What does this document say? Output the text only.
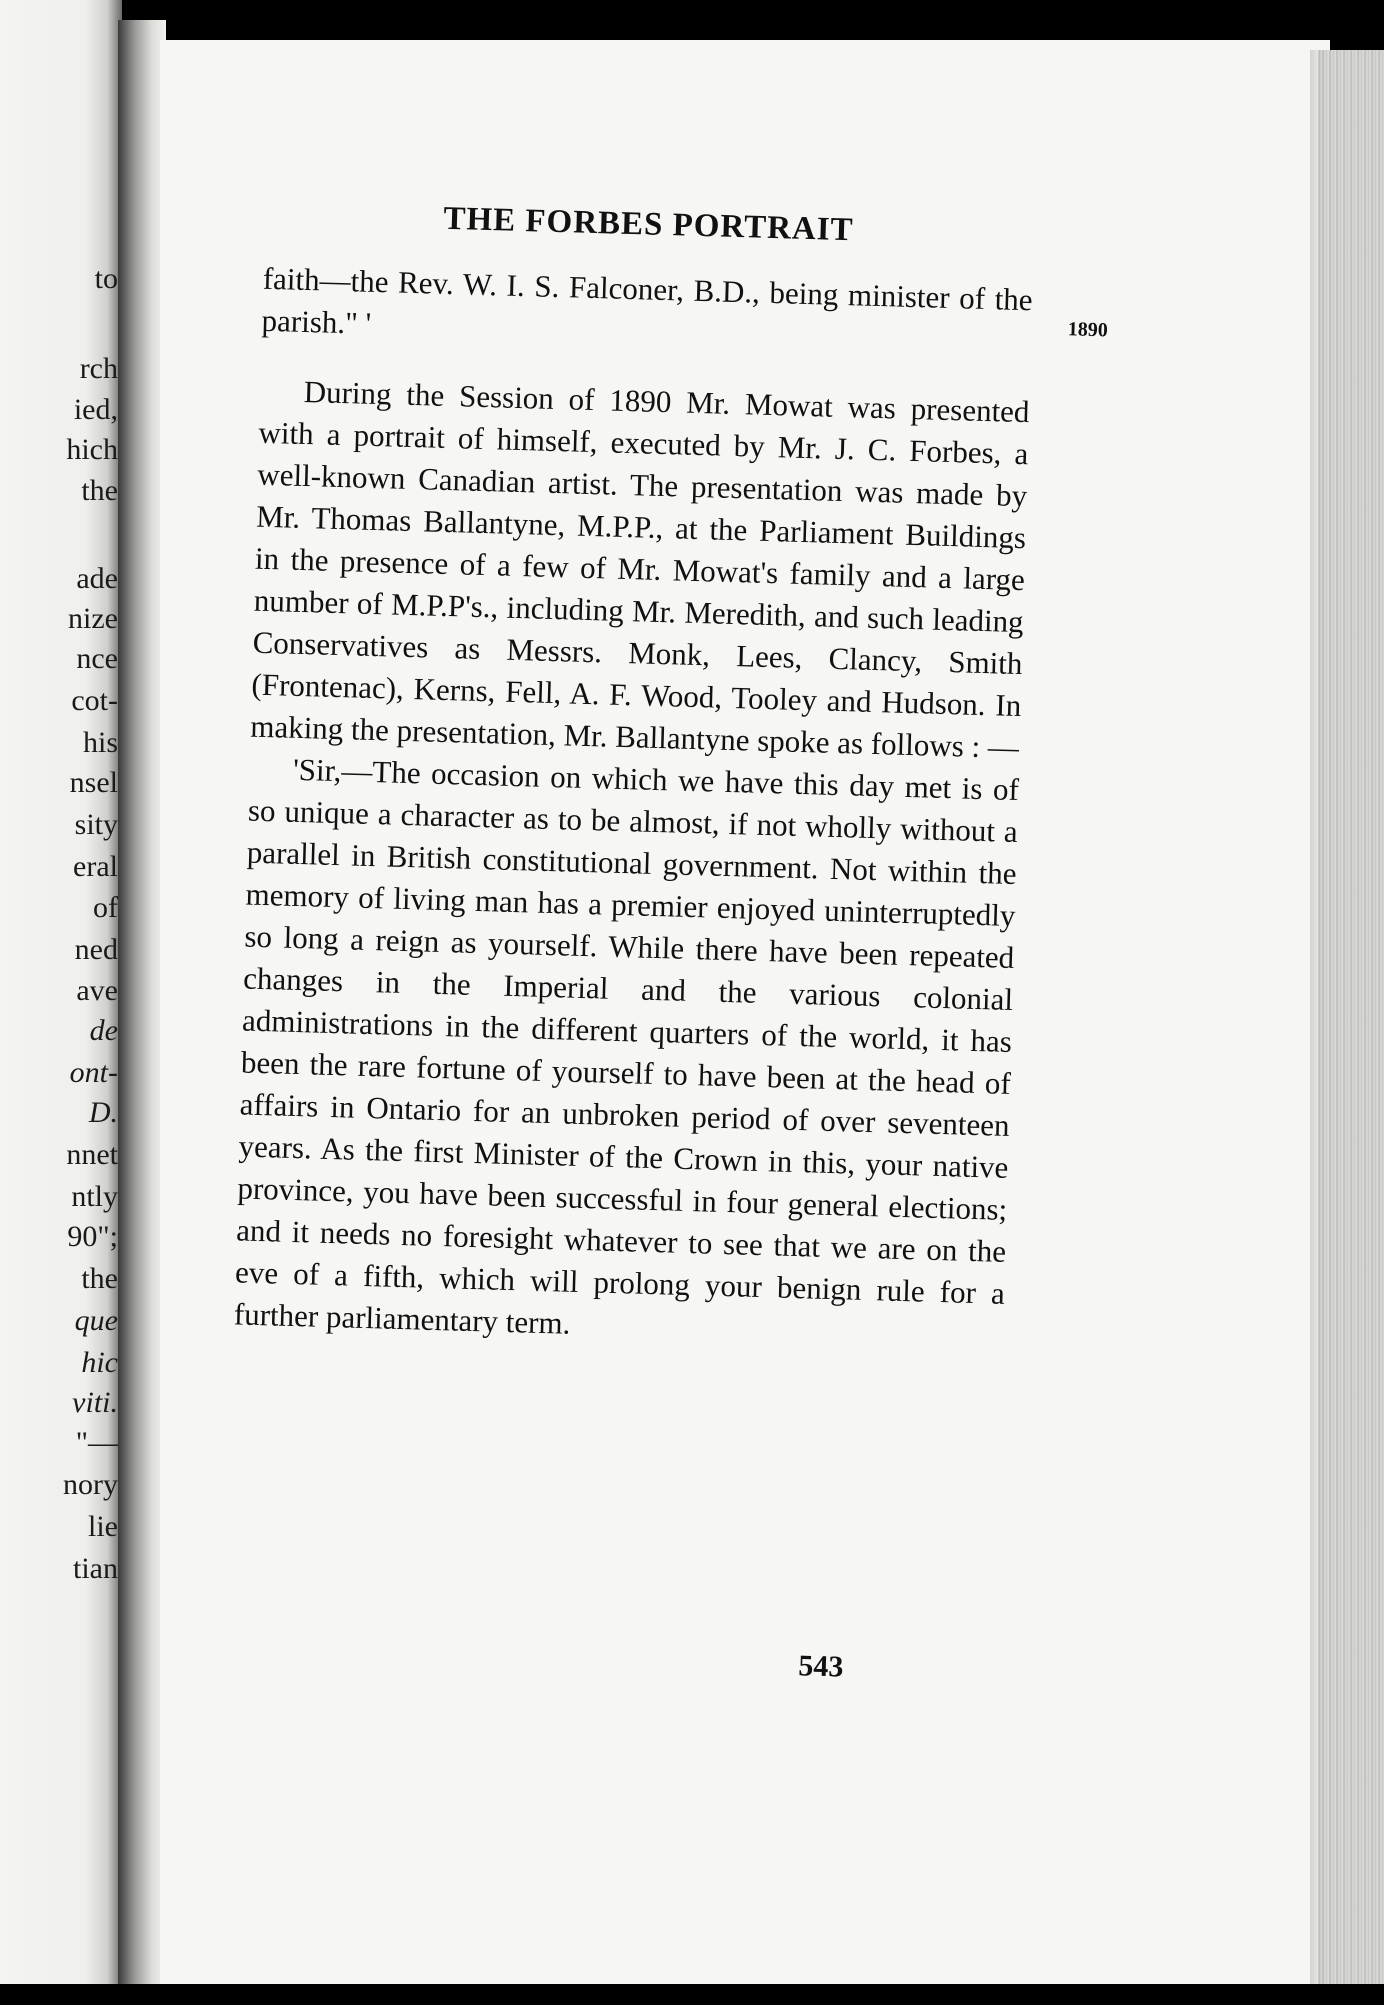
to
rch
ied,
hich
the
ade
nize
nce
cot-
his
nsel
sity
eral
of
ned
ave
de
ont-
D.
nnet
ntly
90";
the
que
hic
viti.
"—
nory
lie
tian
THE FORBES PORTRAIT
1890

faith—the Rev. W. I. S. Falconer, B.D., being minister of the parish." '

During the Session of 1890 Mr. Mowat was presented with a portrait of himself, executed by Mr. J. C. Forbes, a well-known Canadian artist. The presentation was made by Mr. Thomas Ballantyne, M.P.P., at the Parliament Buildings in the presence of a few of Mr. Mowat's family and a large number of M.P.P's., including Mr. Meredith, and such leading Conservatives as Messrs. Monk, Lees, Clancy, Smith (Frontenac), Kerns, Fell, A. F. Wood, Tooley and Hudson. In making the presentation, Mr. Ballantyne spoke as follows : —

'Sir,—The occasion on which we have this day met is of so unique a character as to be almost, if not wholly without a parallel in British constitutional government. Not within the memory of living man has a premier enjoyed uninterruptedly so long a reign as yourself. While there have been repeated changes in the Imperial and the various colonial administrations in the different quarters of the world, it has been the rare fortune of yourself to have been at the head of affairs in Ontario for an unbroken period of over seventeen years. As the first Minister of the Crown in this, your native province, you have been successful in four general elections; and it needs no foresight whatever to see that we are on the eve of a fifth, which will prolong your benign rule for a further parliamentary term.

543
